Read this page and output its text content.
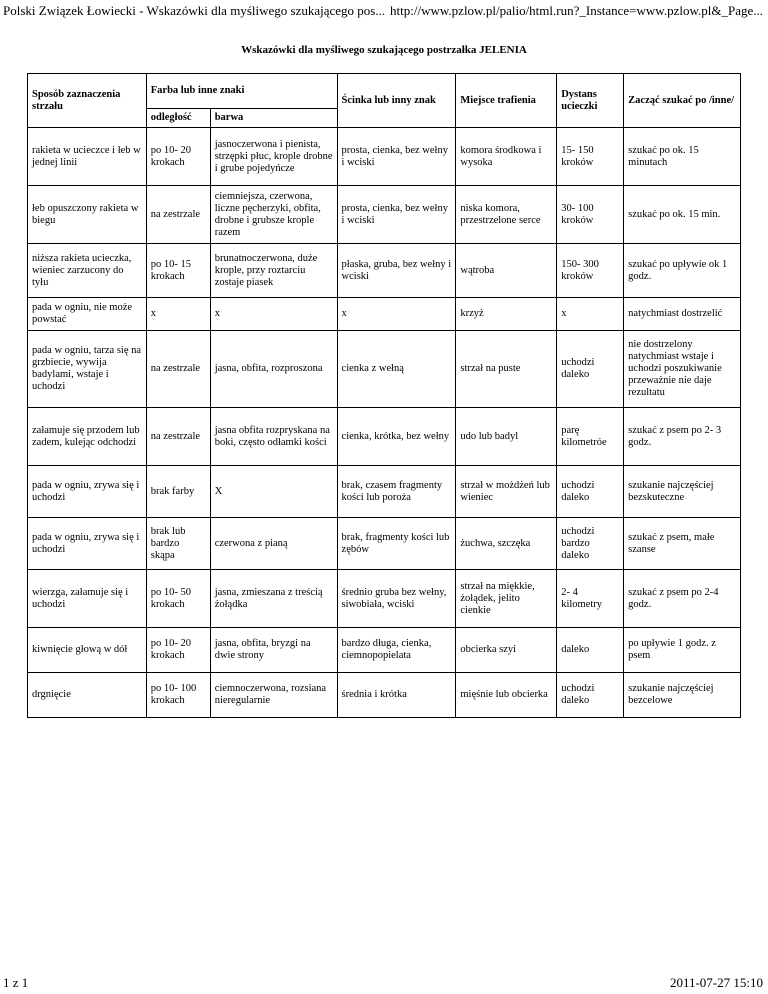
Polski Związek Łowiecki - Wskazówki dla myśliwego szukającego pos... http://www.pzlow.pl/palio/html.run?_Instance=www.pzlow.pl&_Page...
Wskazówki dla myśliwego szukającego postrzałka JELENIA
Sposób zaznaczenia strzału	Farba lub inne znaki		Ścinka lub inny znak	Miejsce trafienia	Dystans ucieczki	Zacząć szukać po /inne/
	odległość	barwa				
rakieta w ucieczce i łeb w jednej linii	po 10- 20 krokach	jasnoczerwona i pienista, strzępki płuc, krople drobne i grube pojedyńcze	prosta, cienka, bez wełny i wciski	komora środkowa i wysoka	15- 150 kroków	szukać po ok. 15 minutach
łeb opuszczony rakieta w biegu	na zestrzale	ciemniejsza, czerwona, liczne pęcherzyki, obfita, drobne i grubsze krople razem	prosta, cienka, bez wełny i wciski	niska komora, przestrzelone serce	30- 100 kroków	szukać po ok. 15 min.
niższa rakieta ucieczka, wieniec zarzucony do tyłu	po 10- 15 krokach	brunatnoczerwona, duże krople, przy roztarciu zostaje piasek	płaska, gruba, bez wełny i wciski	wątroba	150- 300 kroków	szukać po upływie ok 1 godz.
pada w ogniu, nie może powstać	x	x	x	krzyż	x	natychmiast dostrzelić
pada w ogniu, tarza się na grzbiecie, wywija badylami, wstaje i uchodzi	na zestrzale	jasna, obfita, rozproszona	cienka z wełną	strzał na puste	uchodzi daleko	nie dostrzelony natychmiast wstaje i uchodzi poszukiwanie przeważnie nie daje rezultatu
załamuje się przodem lub zadem, kulejąc odchodzi	na zestrzale	jasna obfita rozpryskana na boki, często odłamki kości	cienka, krótka, bez wełny	udo lub badyl	parę kilometróe	szukać z psem po 2- 3 godz.
pada w ogniu, zrywa się i uchodzi	brak farby	X	brak, czasem fragmenty kości lub poroża	strzał w możdżeń lub wieniec	uchodzi daleko	szukanie najczęściej bezskuteczne
pada w ogniu, zrywa się i uchodzi	brak lub bardzo skąpa	czerwona z pianą	brak, fragmenty kości lub zębów	żuchwa, szczęka	uchodzi bardzo daleko	szukać z psem, małe szanse
wierzga, załamuje się i uchodzi	po 10- 50 krokach	jasna, zmieszana z treścią żołądka	średnio gruba bez wełny, siwobiała, wciski	strzał na miękkie, żołądek, jelito cienkie	2- 4 kilometry	szukać z psem po 2-4 godz.
kiwnięcie głową w dół	po 10- 20 krokach	jasna, obfita, bryzgi na dwie strony	bardzo długa, cienka, ciemnopopielata	obcierka szyi	daleko	po upływie 1 godz. z psem
drgnięcie	po 10- 100 krokach	ciemnoczerwona, rozsiana nieregularnie	średnia i krótka	mięśnie lub obcierka	uchodzi daleko	szukanie najczęściej bezcelowe
1 z 1	2011-07-27 15:10
